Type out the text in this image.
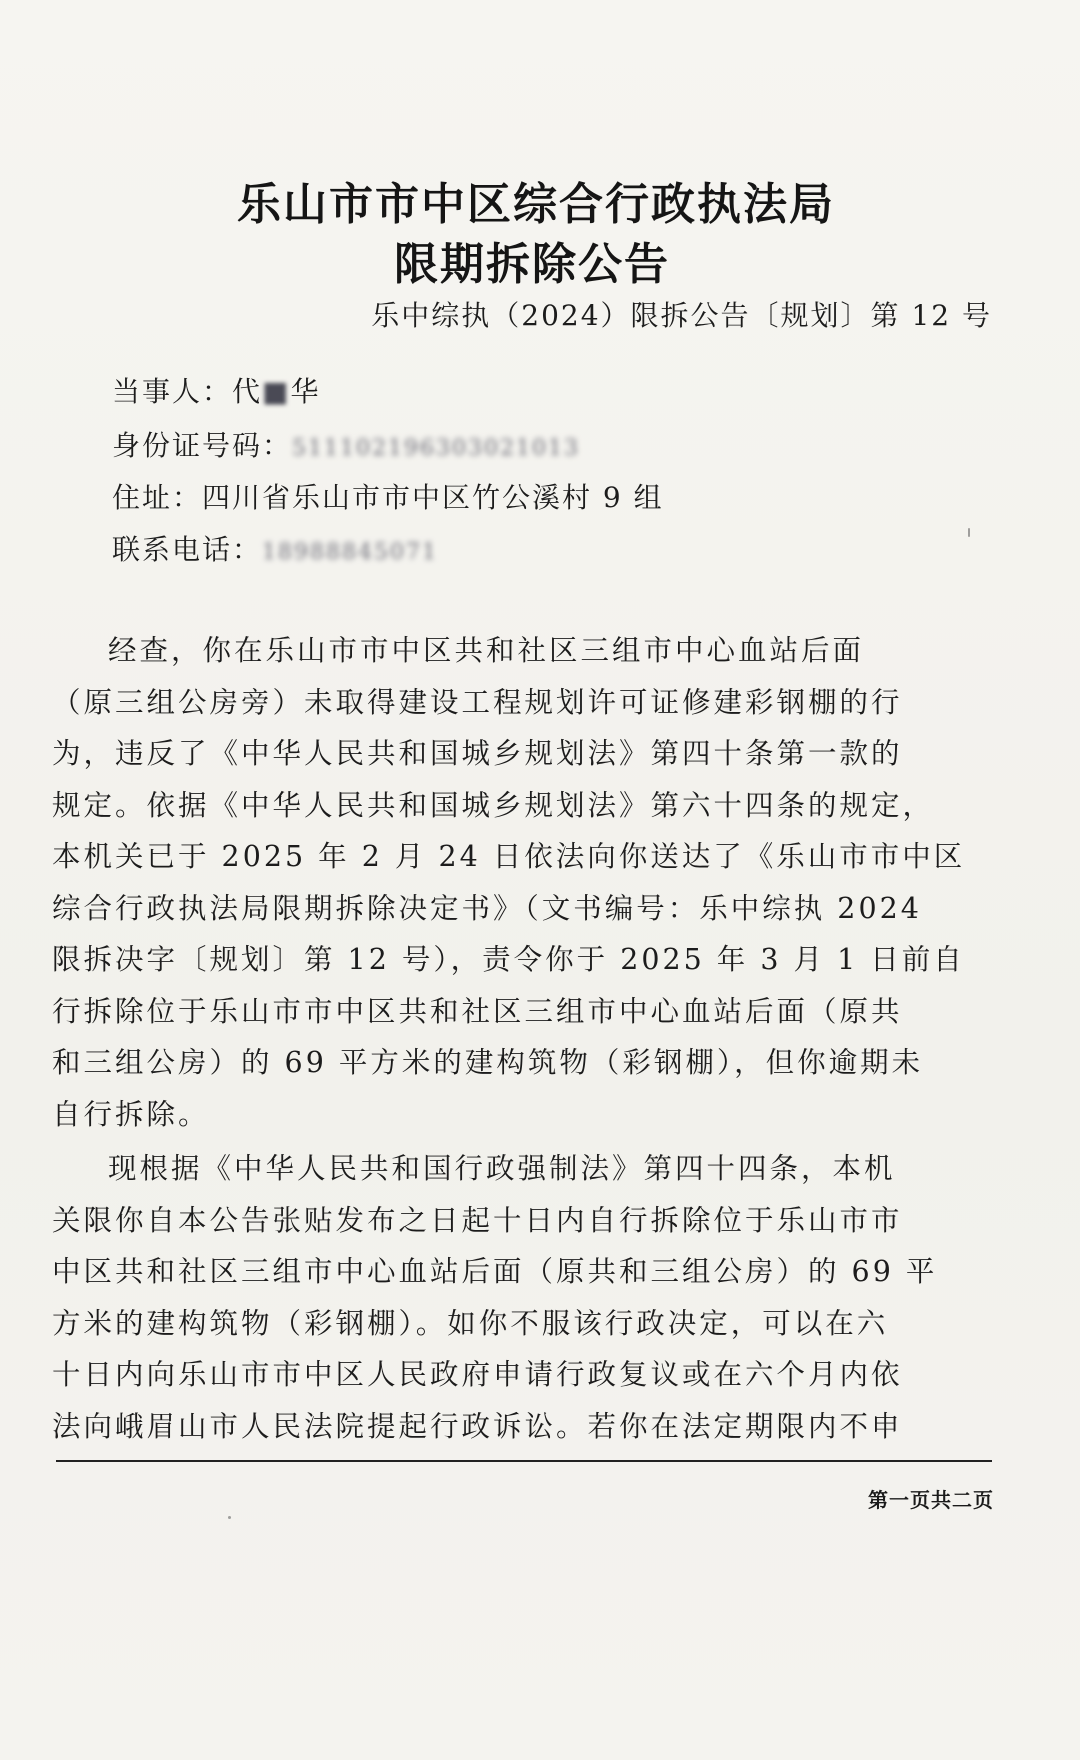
乐山市市中区综合行政执法局
限期拆除公告
乐中综执（2024）限拆公告〔规划〕第 12 号
当事人：代■华
身份证号码：511102196303021013
住址：四川省乐山市市中区竹公溪村 9 组
联系电话：18988845071
经查，你在乐山市市中区共和社区三组市中心血站后面
（原三组公房旁）未取得建设工程规划许可证修建彩钢棚的行
为，违反了《中华人民共和国城乡规划法》第四十条第一款的
规定。依据《中华人民共和国城乡规划法》第六十四条的规定，
本机关已于 2025 年 2 月 24 日依法向你送达了《乐山市市中区
综合行政执法局限期拆除决定书》（文书编号：乐中综执 2024
限拆决字〔规划〕第 12 号），责令你于 2025 年 3 月 1 日前自
行拆除位于乐山市市中区共和社区三组市中心血站后面（原共
和三组公房）的 69 平方米的建构筑物（彩钢棚），但你逾期未
自行拆除。
现根据《中华人民共和国行政强制法》第四十四条，本机
关限你自本公告张贴发布之日起十日内自行拆除位于乐山市市
中区共和社区三组市中心血站后面（原共和三组公房）的 69 平
方米的建构筑物（彩钢棚）。如你不服该行政决定，可以在六
十日内向乐山市市中区人民政府申请行政复议或在六个月内依
法向峨眉山市人民法院提起行政诉讼。若你在法定期限内不申
第一页共二页
